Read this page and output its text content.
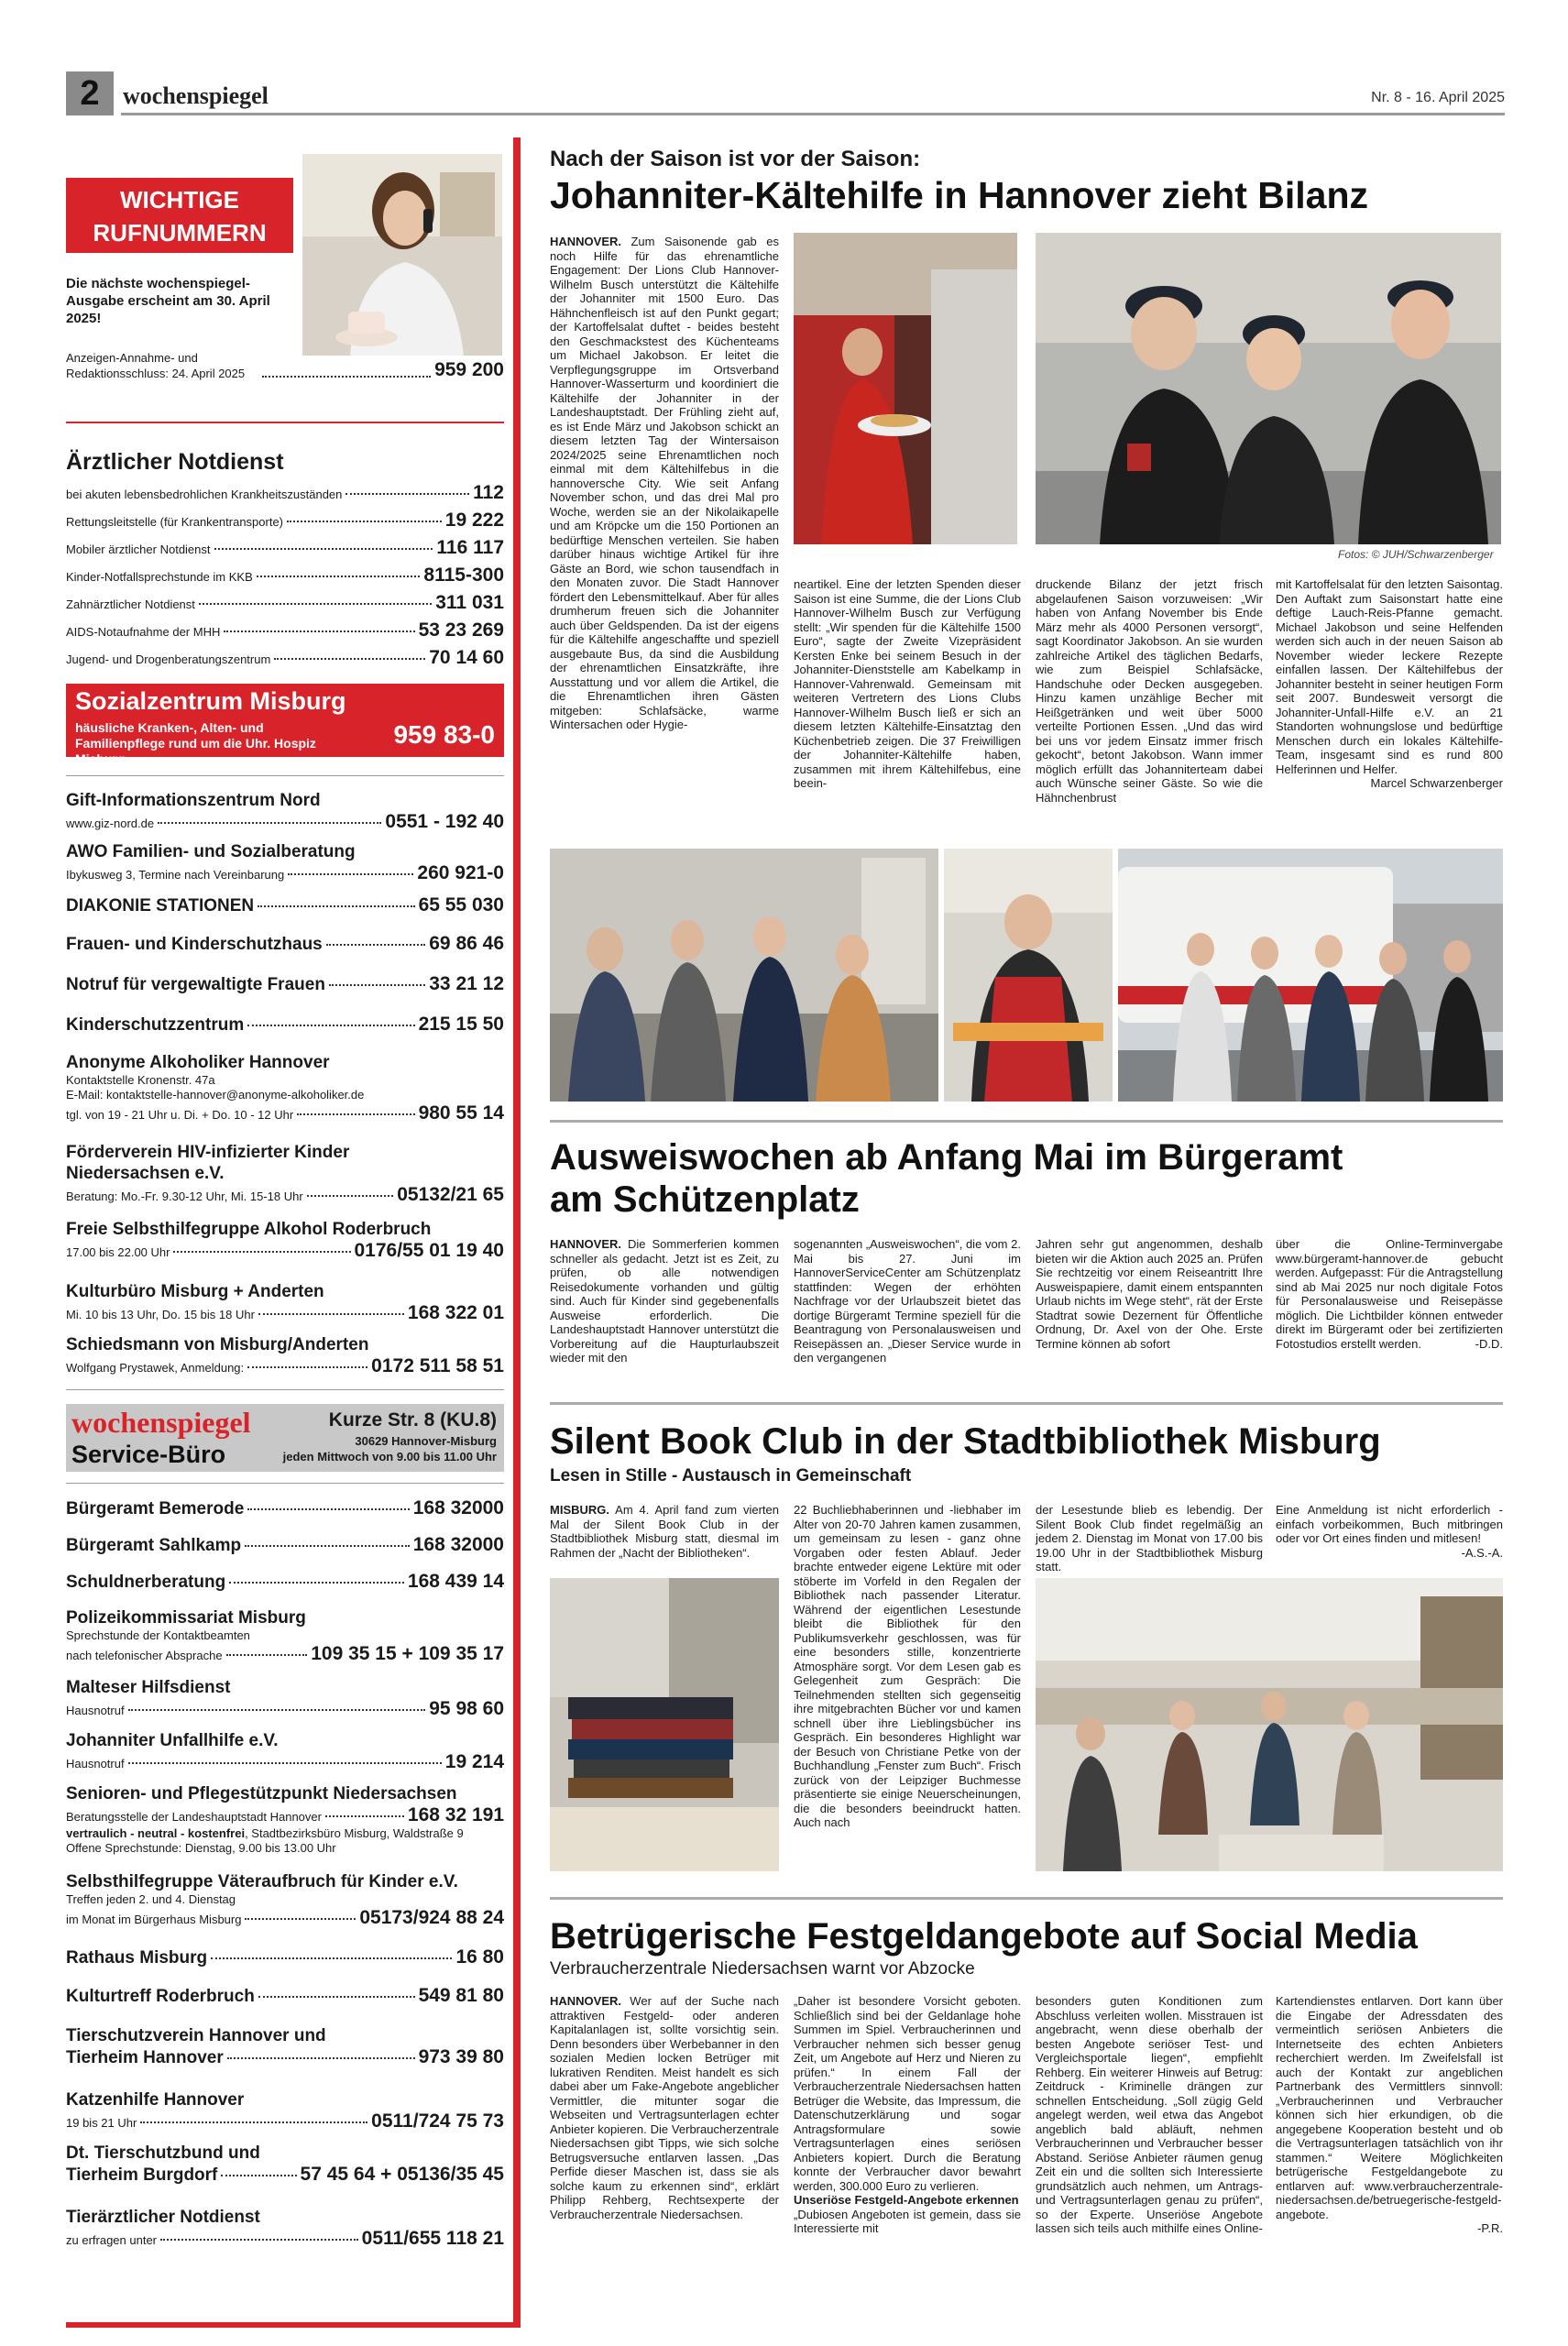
2 wochenspiegel	Nr. 8 - 16. April 2025
WICHTIGE
RUFNUMMERN
Die nächste wochenspiegel-Ausgabe erscheint am 30. April 2025!
Anzeigen-Annahme- und Redaktionsschluss: 24. April 2025	959 200
Ärztlicher Notdienst
bei akuten lebensbedrohlichen Krankheitszuständen	112
Rettungsleitstelle (für Krankentransporte)	19 222
Mobiler ärztlicher Notdienst	116 117
Kinder-Notfallsprechstunde im KKB	8115-300
Zahnärztlicher Notdienst	311 031
AIDS-Notaufnahme der MHH	53 23 269
Jugend- und Drogenberatungszentrum	70 14 60
Sozialzentrum Misburg
häusliche Kranken-, Alten- und Familienpflege rund um die Uhr. Hospiz Misburg
959 83-0
Gift-Informationszentrum Nord
www.giz-nord.de	0551 - 192 40
AWO Familien- und Sozialberatung
Ibykusweg 3, Termine nach Vereinbarung	260 921-0
DIAKONIE STATIONEN	65 55 030
Frauen- und Kinderschutzhaus	69 86 46
Notruf für vergewaltigte Frauen	33 21 12
Kinderschutzzentrum	215 15 50
Anonyme Alkoholiker Hannover
Kontaktstelle Kronenstr. 47a
E-Mail: kontaktstelle-hannover@anonyme-alkoholiker.de
tgl. von 19 - 21 Uhr u. Di. + Do. 10 - 12 Uhr	980 55 14
Förderverein HIV-infizierter Kinder Niedersachsen e.V.
Beratung: Mo.-Fr. 9.30-12 Uhr, Mi. 15-18 Uhr	05132/21 65
Freie Selbsthilfegruppe Alkohol Roderbruch
17.00 bis 22.00 Uhr	0176/55 01 19 40
Kulturbüro Misburg + Anderten
Mi. 10 bis 13 Uhr, Do. 15 bis 18 Uhr	168 322 01
Schiedsmann von Misburg/Anderten
Wolfgang Prystawek, Anmeldung:	0172 511 58 51
wochenspiegel
Service-Büro
Kurze Str. 8 (KU.8)
30629 Hannover-Misburg
jeden Mittwoch von 9.00 bis 11.00 Uhr
Bürgeramt Bemerode	168 32000
Bürgeramt Sahlkamp	168 32000
Schuldnerberatung	168 439 14
Polizeikommissariat Misburg
Sprechstunde der Kontaktbeamten
nach telefonischer Absprache	109 35 15 + 109 35 17
Malteser Hilfsdienst
Hausnotruf	95 98 60
Johanniter Unfallhilfe e.V.
Hausnotruf	19 214
Senioren- und Pflegestützpunkt Niedersachsen
Beratungsstelle der Landeshauptstadt Hannover	168 32 191
vertraulich - neutral - kostenfrei, Stadtbezirksbüro Misburg, Waldstraße 9
Offene Sprechstunde: Dienstag, 9.00 bis 13.00 Uhr
Selbsthilfegruppe Väteraufbruch für Kinder e.V.
Treffen jeden 2. und 4. Dienstag
im Monat im Bürgerhaus Misburg	05173/924 88 24
Rathaus Misburg	16 80
Kulturtreff Roderbruch	549 81 80
Tierschutzverein Hannover und
Tierheim Hannover	973 39 80
Katzenhilfe Hannover
19 bis 21 Uhr	0511/724 75 73
Dt. Tierschutzbund und
Tierheim Burgdorf	57 45 64 + 05136/35 45
Tierärztlicher Notdienst
zu erfragen unter	0511/655 118 21
Nach der Saison ist vor der Saison:
Johanniter-Kältehilfe in Hannover zieht Bilanz
HANNOVER. Zum Saisonende gab es noch Hilfe für das ehrenamtliche Engagement: Der Lions Club Hannover-Wilhelm Busch unterstützt die Kältehilfe der Johanniter mit 1500 Euro. Das Hähnchenfleisch ist auf den Punkt gegart; der Kartoffelsalat duftet - beides besteht den Geschmackstest des Küchenteams um Michael Jakobson. Er leitet die Verpflegungsgruppe im Ortsverband Hannover-Wasserturm und koordiniert die Kältehilfe der Johanniter in der Landeshauptstadt. Der Frühling zieht auf, es ist Ende März und Jakobson schickt an diesem letzten Tag der Wintersaison 2024/2025 seine Ehrenamtlichen noch einmal mit dem Kältehilfebus in die hannoversche City. Wie seit Anfang November schon, und das drei Mal pro Woche, werden sie an der Nikolaikapelle und am Kröpcke um die 150 Portionen an bedürftige Menschen verteilen. Sie haben darüber hinaus wichtige Artikel für ihre Gäste an Bord, wie schon tausendfach in den Monaten zuvor. Die Stadt Hannover fördert den Lebensmittelkauf. Aber für alles drumherum freuen sich die Johanniter auch über Geldspenden. Da ist der eigens für die Kältehilfe angeschaffte und speziell ausgebaute Bus, da sind die Ausbildung der ehrenamtlichen Einsatzkräfte, ihre Ausstattung und vor allem die Artikel, die die Ehrenamtlichen ihren Gästen mitgeben: Schlafsäcke, warme Wintersachen oder Hygie-
Fotos: © JUH/Schwarzenberger
neartikel. Eine der letzten Spenden dieser Saison ist eine Summe, die der Lions Club Hannover-Wilhelm Busch zur Verfügung stellt: „Wir spenden für die Kältehilfe 1500 Euro“, sagte der Zweite Vizepräsident Kersten Enke bei seinem Besuch in der Johanniter-Dienststelle am Kabelkamp in Hannover-Vahrenwald. Gemeinsam mit weiteren Vertretern des Lions Clubs Hannover-Wilhelm Busch ließ er sich an diesem letzten Kältehilfe-Einsatztag den Küchenbetrieb zeigen. Die 37 Freiwilligen der Johanniter-Kältehilfe haben, zusammen mit ihrem Kältehilfebus, eine beein-
druckende Bilanz der jetzt frisch abgelaufenen Saison vorzuweisen: „Wir haben von Anfang November bis Ende März mehr als 4000 Personen versorgt“, sagt Koordinator Jakobson. An sie wurden zahlreiche Artikel des täglichen Bedarfs, wie zum Beispiel Schlafsäcke, Handschuhe oder Decken ausgegeben. Hinzu kamen unzählige Becher mit Heißgetränken und weit über 5000 verteilte Portionen Essen. „Und das wird bei uns vor jedem Einsatz immer frisch gekocht“, betont Jakobson. Wann immer möglich erfüllt das Johanniterteam dabei auch Wünsche seiner Gäste. So wie die Hähnchenbrust
mit Kartoffelsalat für den letzten Saisontag. Den Auftakt zum Saisonstart hatte eine deftige Lauch-Reis-Pfanne gemacht. Michael Jakobson und seine Helfenden werden sich auch in der neuen Saison ab November wieder leckere Rezepte einfallen lassen. Der Kältehilfebus der Johanniter besteht in seiner heutigen Form seit 2007. Bundesweit versorgt die Johanniter-Unfall-Hilfe e.V. an 21 Standorten wohnungslose und bedürftige Menschen durch ein lokales Kältehilfe-Team, insgesamt sind es rund 800 Helferinnen und Helfer.
Marcel Schwarzenberger
Ausweiswochen ab Anfang Mai im Bürgeramt
am Schützenplatz
HANNOVER. Die Sommerferien kommen schneller als gedacht. Jetzt ist es Zeit, zu prüfen, ob alle notwendigen Reisedokumente vorhanden und gültig sind. Auch für Kinder sind gegebenenfalls Ausweise erforderlich. Die Landeshauptstadt Hannover unterstützt die Vorbereitung auf die Haupturlaubszeit wieder mit den
sogenannten „Ausweiswochen“, die vom 2. Mai bis 27. Juni im HannoverServiceCenter am Schützenplatz stattfinden: Wegen der erhöhten Nachfrage vor der Urlaubszeit bietet das dortige Bürgeramt Termine speziell für die Beantragung von Personalausweisen und Reisepässen an. „Dieser Service wurde in den vergangenen
Jahren sehr gut angenommen, deshalb bieten wir die Aktion auch 2025 an. Prüfen Sie rechtzeitig vor einem Reiseantritt Ihre Ausweispapiere, damit einem entspannten Urlaub nichts im Wege steht“, rät der Erste Stadtrat sowie Dezernent für Öffentliche Ordnung, Dr. Axel von der Ohe. Erste Termine können ab sofort
über die Online-Terminvergabe www.bürgeramt-hannover.de gebucht werden. Aufgepasst: Für die Antragstellung sind ab Mai 2025 nur noch digitale Fotos für Personalausweise und Reisepässe möglich. Die Lichtbilder können entweder direkt im Bürgeramt oder bei zertifizierten Fotostudios erstellt werden.	-D.D.
Silent Book Club in der Stadtbibliothek Misburg
Lesen in Stille - Austausch in Gemeinschaft
MISBURG. Am 4. April fand zum vierten Mal der Silent Book Club in der Stadtbibliothek Misburg statt, diesmal im Rahmen der „Nacht der Bibliotheken“.
22 Buchliebhaberinnen und -liebhaber im Alter von 20-70 Jahren kamen zusammen, um gemeinsam zu lesen - ganz ohne Vorgaben oder festen Ablauf. Jeder brachte entweder eigene Lektüre mit oder stöberte im Vorfeld in den Regalen der Bibliothek nach passender Literatur. Während der eigentlichen Lesestunde bleibt die Bibliothek für den Publikumsverkehr geschlossen, was für eine besonders stille, konzentrierte Atmosphäre sorgt. Vor dem Lesen gab es Gelegenheit zum Gespräch: Die Teilnehmenden stellten sich gegenseitig ihre mitgebrachten Bücher vor und kamen schnell über ihre Lieblingsbücher ins Gespräch. Ein besonderes Highlight war der Besuch von Christiane Petke von der Buchhandlung „Fenster zum Buch“. Frisch zurück von der Leipziger Buchmesse präsentierte sie einige Neuerscheinungen, die die besonders beeindruckt hatten. Auch nach
der Lesestunde blieb es lebendig. Der Silent Book Club findet regelmäßig an jedem 2. Dienstag im Monat von 17.00 bis 19.00 Uhr in der Stadtbibliothek Misburg statt.
Eine Anmeldung ist nicht erforderlich - einfach vorbeikommen, Buch mitbringen oder vor Ort eines finden und mitlesen!
-A.S.-A.
Betrügerische Festgeldangebote auf Social Media
Verbraucherzentrale Niedersachsen warnt vor Abzocke
HANNOVER. Wer auf der Suche nach attraktiven Festgeld- oder anderen Kapitalanlagen ist, sollte vorsichtig sein. Denn besonders über Werbebanner in den sozialen Medien locken Betrüger mit lukrativen Renditen. Meist handelt es sich dabei aber um Fake-Angebote angeblicher Vermittler, die mitunter sogar die Webseiten und Vertragsunterlagen echter Anbieter kopieren. Die Verbraucherzentrale Niedersachsen gibt Tipps, wie sich solche Betrugsversuche entlarven lassen. „Das Perfide dieser Maschen ist, dass sie als solche kaum zu erkennen sind“, erklärt Philipp Rehberg, Rechtsexperte der Verbraucherzentrale Niedersachsen.
„Daher ist besondere Vorsicht geboten. Schließlich sind bei der Geldanlage hohe Summen im Spiel. Verbraucherinnen und Verbraucher nehmen sich besser genug Zeit, um Angebote auf Herz und Nieren zu prüfen.“ In einem Fall der Verbraucherzentrale Niedersachsen hatten Betrüger die Website, das Impressum, die Datenschutzerklärung und sogar Antragsformulare sowie Vertragsunterlagen eines seriösen Anbieters kopiert. Durch die Beratung konnte der Verbraucher davor bewahrt werden, 300.000 Euro zu verlieren.
Unseriöse Festgeld-Angebote erkennen
„Dubiosen Angeboten ist gemein, dass sie Interessierte mit
besonders guten Konditionen zum Abschluss verleiten wollen. Misstrauen ist angebracht, wenn diese oberhalb der besten Angebote seriöser Test- und Vergleichsportale liegen“, empfiehlt Rehberg. Ein weiterer Hinweis auf Betrug: Zeitdruck - Kriminelle drängen zur schnellen Entscheidung. „Soll zügig Geld angelegt werden, weil etwa das Angebot angeblich bald abläuft, nehmen Verbraucherinnen und Verbraucher besser Abstand. Seriöse Anbieter räumen genug Zeit ein und die sollten sich Interessierte grundsätzlich auch nehmen, um Antrags- und Vertragsunterlagen genau zu prüfen“, so der Experte. Unseriöse Angebote lassen sich teils auch mithilfe eines Online-
Kartendienstes entlarven. Dort kann über die Eingabe der Adressdaten des vermeintlich seriösen Anbieters die Internetseite des echten Anbieters recherchiert werden. Im Zweifelsfall ist auch der Kontakt zur angeblichen Partnerbank des Vermittlers sinnvoll: „Verbraucherinnen und Verbraucher können sich hier erkundigen, ob die angegebene Kooperation besteht und ob die Vertragsunterlagen tatsächlich von ihr stammen.“ Weitere Möglichkeiten betrügerische Festgeldangebote zu entlarven auf: www.verbraucherzentrale-niedersachsen.de/betruegerische-festgeld-angebote.
-P.R.
